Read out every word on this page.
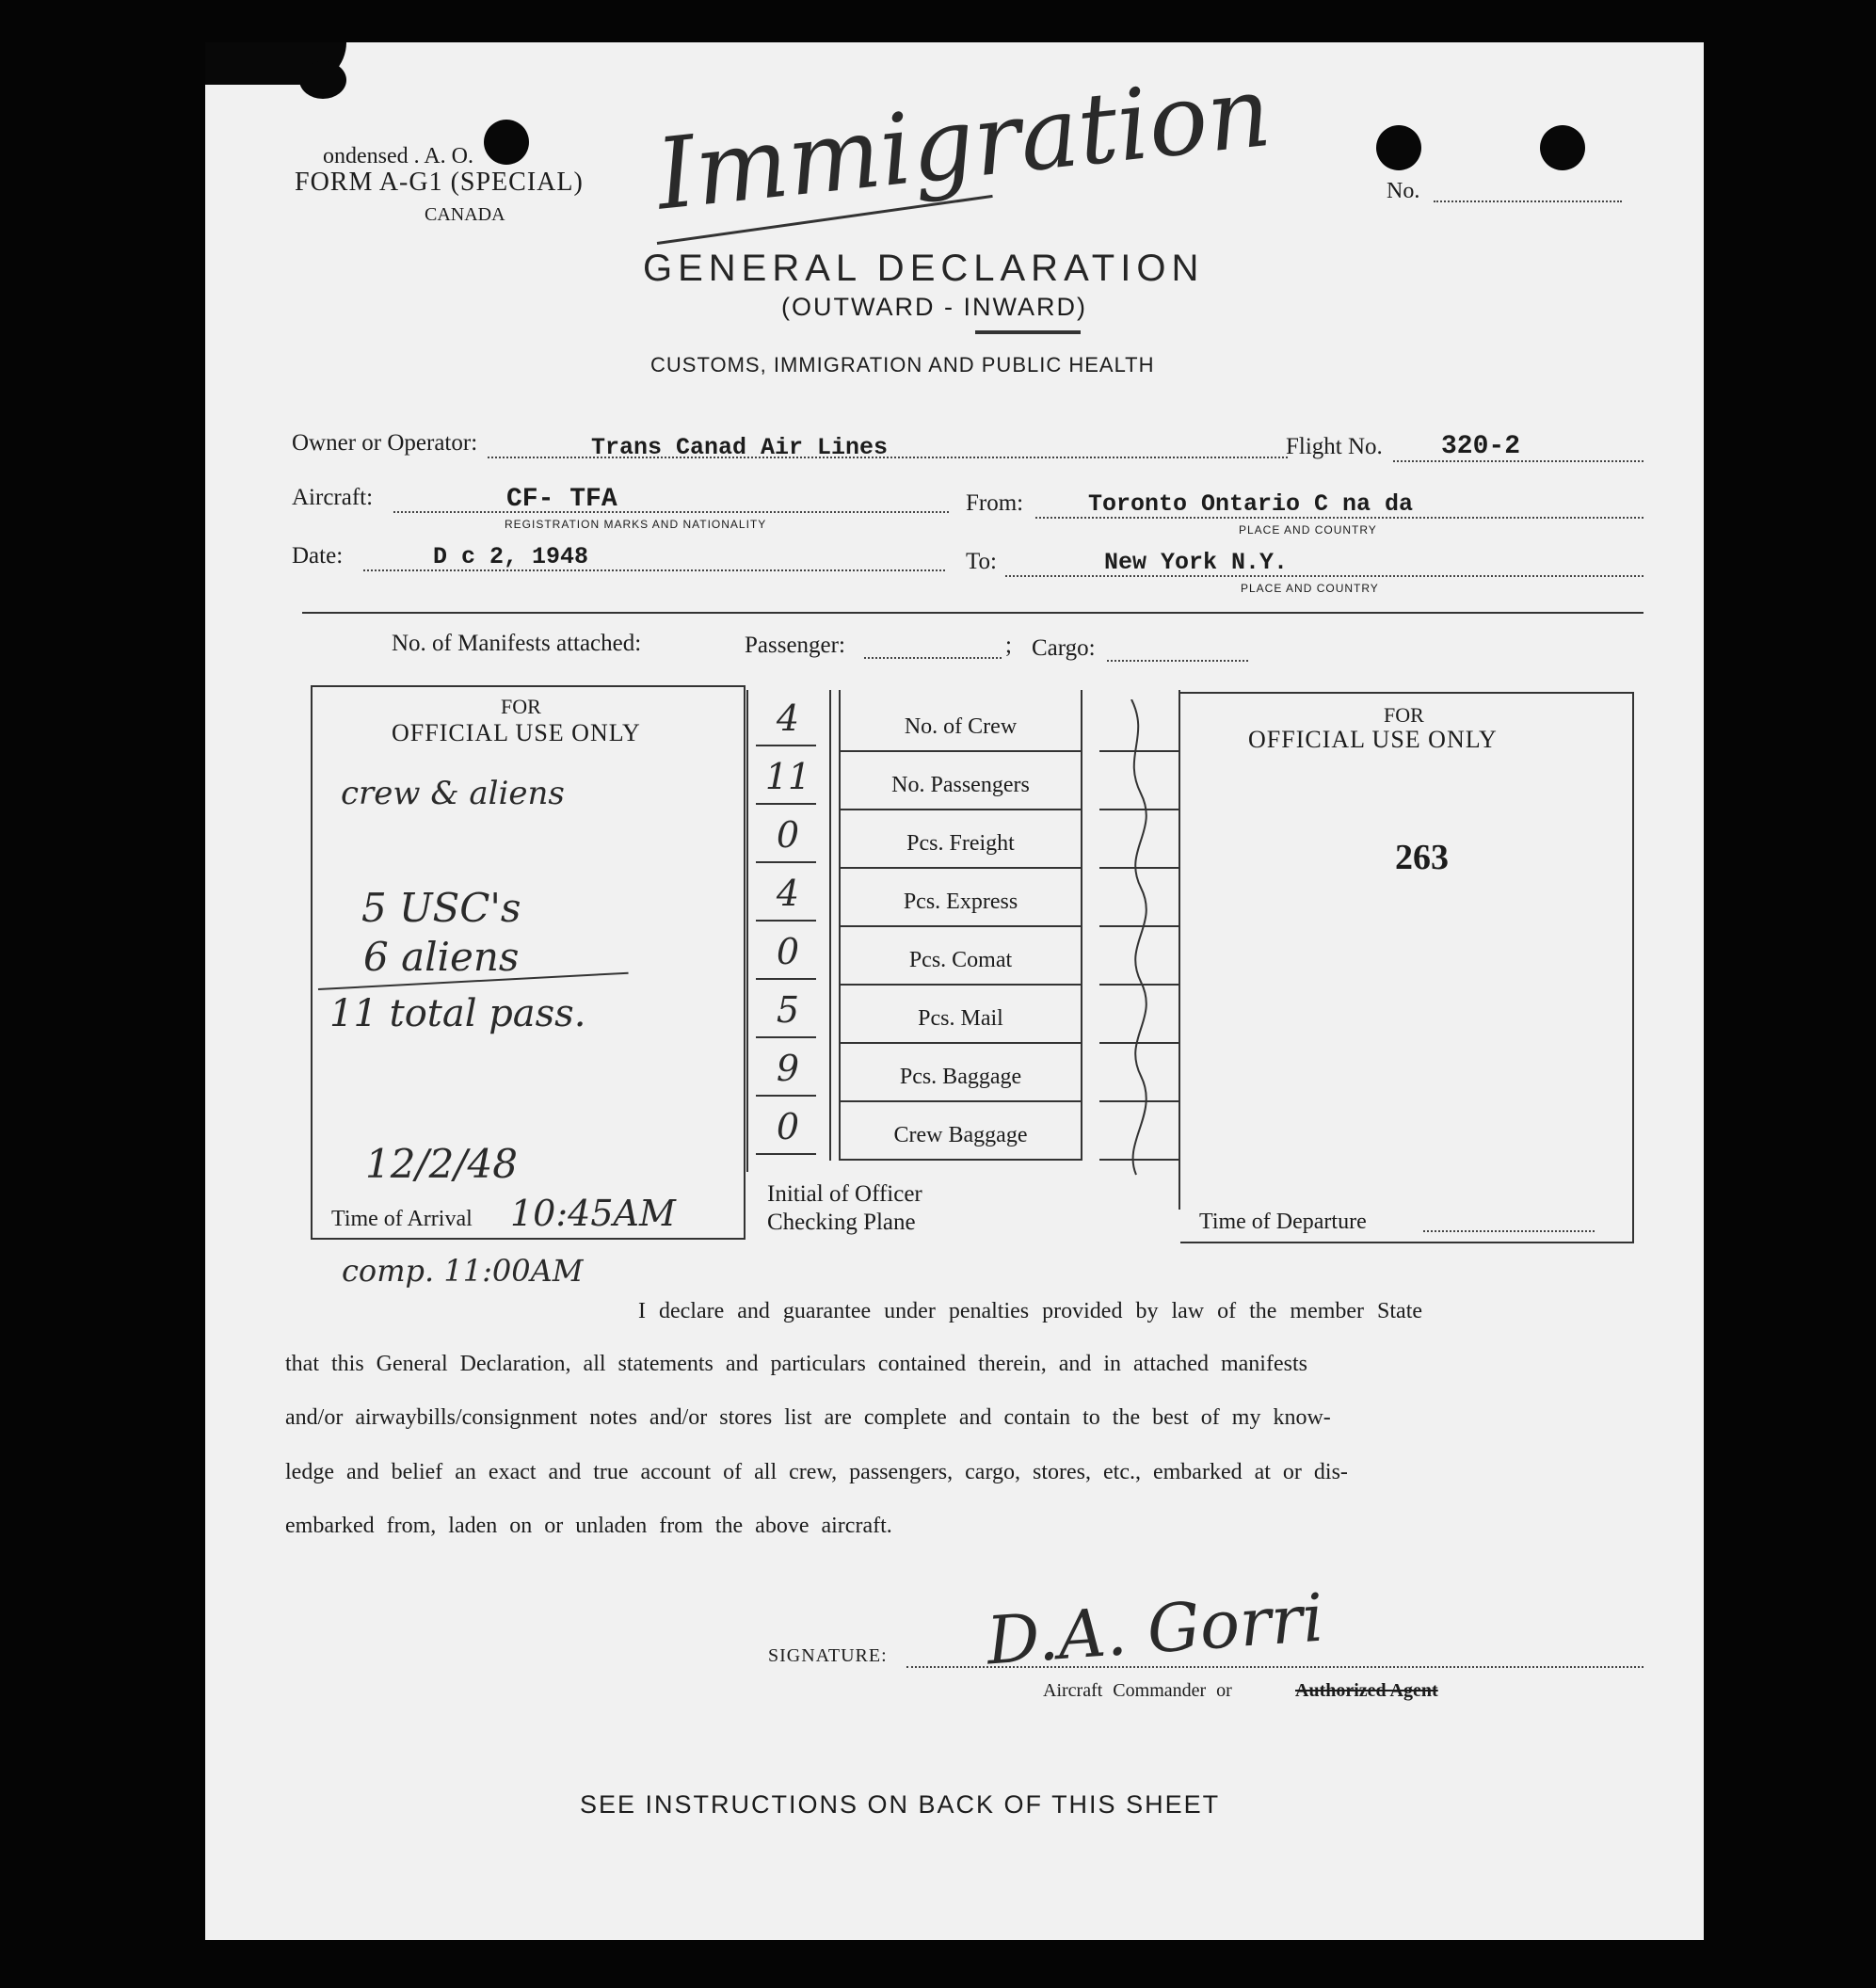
ondensed . A. O.
FORM A-G1 (SPECIAL)
CANADA Immigration	No.
GENERAL DECLARATION
(OUTWARD - INWARD)
CUSTOMS, IMMIGRATION AND PUBLIC HEALTH
Owner or Operator:	Trans Canad Air Lines	Flight No. 320-2
Aircraft:	CF- TFA
REGISTRATION MARKS AND NATIONALITY
From:	Toronto Ontario C na da
PLACE AND COUNTRY
Date:	D c 2, 1948	To:	New York N.Y.
PLACE AND COUNTRY
No. of Manifests attached:	Passenger:	; Cargo:
FOR
OFFICIAL USE ONLY
crew & aliens
5 USC's
6 aliens
11 total pass.
12/2/48
Time of Arrival 10:45AM
comp. 11:00AM
4	No. of Crew
11	No. Passengers
0	Pcs. Freight
4	Pcs. Express
0	Pcs. Comat
5	Pcs. Mail
9	Pcs. Baggage
0	Crew Baggage
Initial of Officer
Checking Plane
FOR
OFFICIAL USE ONLY
263
Time of Departure
I declare and guarantee under penalties provided by law of the member State
that this General Declaration, all statements and particulars contained therein, and in attached manifests
and/or airwaybills/consignment notes and/or stores list are complete and contain to the best of my know-
ledge and belief an exact and true account of all crew, passengers, cargo, stores, etc., embarked at or dis-
embarked from, laden on or unladen from the above aircraft.
SIGNATURE: D.A. Gorri
Aircraft Commander or	Authorized Agent
SEE INSTRUCTIONS ON BACK OF THIS SHEET
